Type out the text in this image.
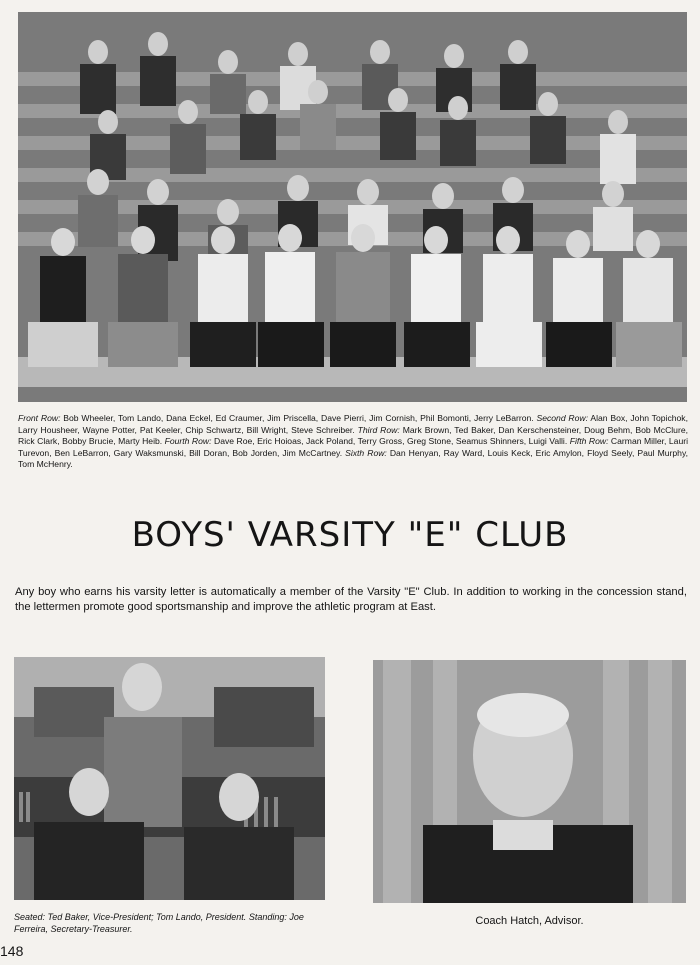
Front Row: Bob Wheeler, Tom Lando, Dana Eckel, Ed Craumer, Jim Priscella, Dave Pierri, Jim Cornish, Phil Bomonti, Jerry LeBarron. Second Row: Alan Box, John Topichok, Larry Housheer, Wayne Potter, Pat Keeler, Chip Schwartz, Bill Wright, Steve Schreiber. Third Row: Mark Brown, Ted Baker, Dan Kerschensteiner, Doug Behm, Bob McClure, Rick Clark, Bobby Brucie, Marty Heib. Fourth Row: Dave Roe, Eric Hoioas, Jack Poland, Terry Gross, Greg Stone, Seamus Shinners, Luigi Valli. Fifth Row: Carman Miller, Lauri Turevon, Ben LeBarron, Gary Waksmunski, Bill Doran, Bob Jorden, Jim McCartney. Sixth Row: Dan Henyan, Ray Ward, Louis Keck, Eric Amylon, Floyd Seely, Paul Murphy, Tom McHenry.

BOYS' VARSITY "E" CLUB

Any boy who earns his varsity letter is automatically a member of the Varsity "E" Club. In addition to working in the concession stand, the lettermen promote good sportsmanship and improve the athletic program at East.

Seated: Ted Baker, Vice-President; Tom Lando, President. Standing: Joe Ferreira, Secretary-Treasurer.

Coach Hatch, Advisor.

148
